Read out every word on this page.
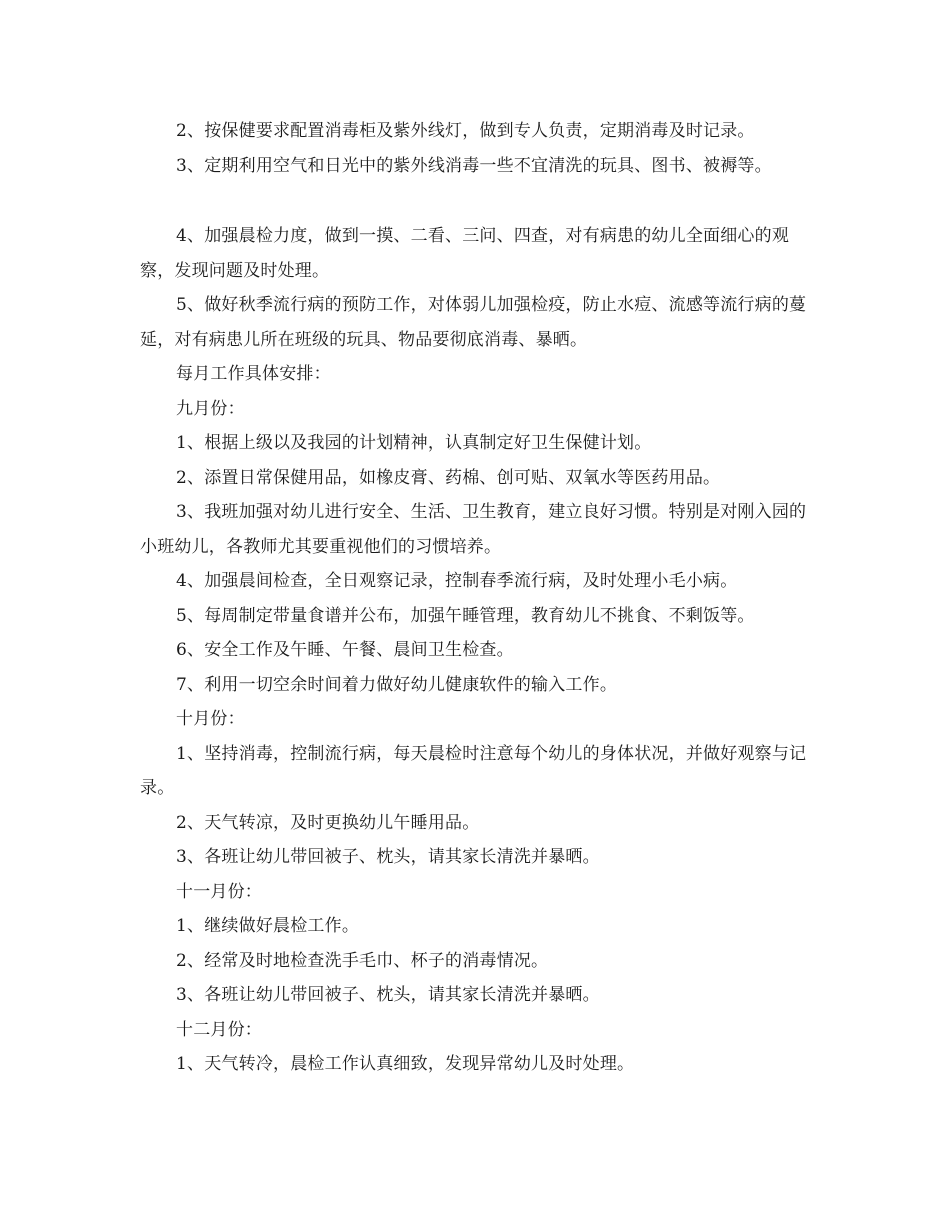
2、按保健要求配置消毒柜及紫外线灯，做到专人负责，定期消毒及时记录。

3、定期利用空气和日光中的紫外线消毒一些不宜清洗的玩具、图书、被褥等。

4、加强晨检力度，做到一摸、二看、三问、四查，对有病患的幼儿全面细心的观察，发现问题及时处理。

5、做好秋季流行病的预防工作，对体弱儿加强检疫，防止水痘、流感等流行病的蔓延，对有病患儿所在班级的玩具、物品要彻底消毒、暴晒。

每月工作具体安排：

九月份：

1、根据上级以及我园的计划精神，认真制定好卫生保健计划。

2、添置日常保健用品，如橡皮膏、药棉、创可贴、双氧水等医药用品。

3、我班加强对幼儿进行安全、生活、卫生教育，建立良好习惯。特别是对刚入园的小班幼儿，各教师尤其要重视他们的习惯培养。

4、加强晨间检查，全日观察记录，控制春季流行病，及时处理小毛小病。

5、每周制定带量食谱并公布，加强午睡管理，教育幼儿不挑食、不剩饭等。

6、安全工作及午睡、午餐、晨间卫生检查。

7、利用一切空余时间着力做好幼儿健康软件的输入工作。

十月份：

1、坚持消毒，控制流行病，每天晨检时注意每个幼儿的身体状况，并做好观察与记录。

2、天气转凉，及时更换幼儿午睡用品。

3、各班让幼儿带回被子、枕头，请其家长清洗并暴晒。

十一月份：

1、继续做好晨检工作。

2、经常及时地检查洗手毛巾、杯子的消毒情况。

3、各班让幼儿带回被子、枕头，请其家长清洗并暴晒。

十二月份：

1、天气转冷，晨检工作认真细致，发现异常幼儿及时处理。
